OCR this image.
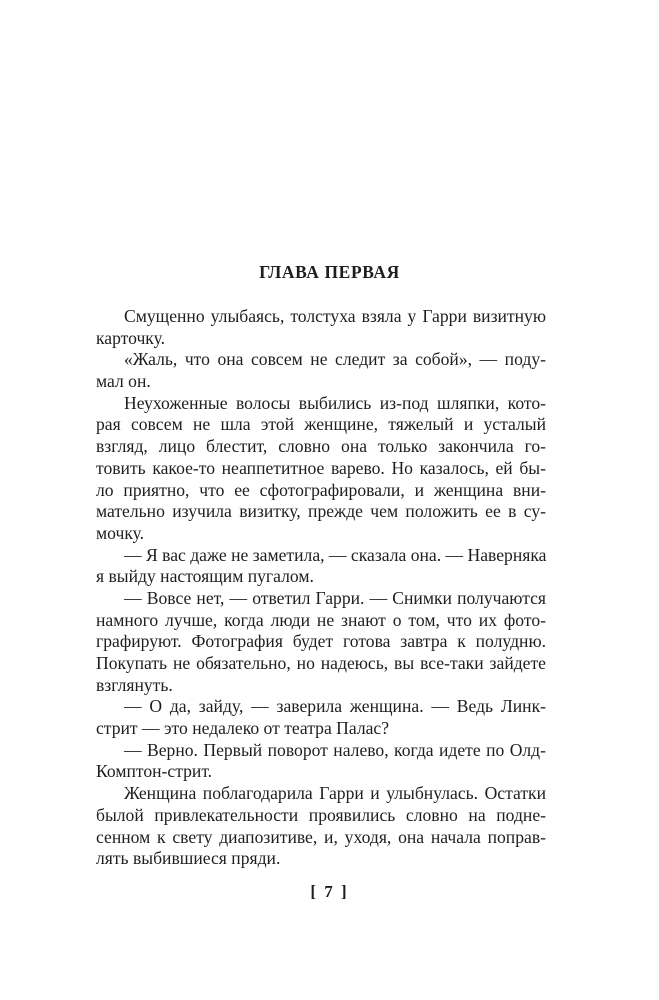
ГЛАВА ПЕРВАЯ
Смущенно улыбаясь, толстуха взяла у Гарри визитную
карточку.
«Жаль, что она совсем не следит за собой», — поду-
мал он.
Неухоженные волосы выбились из-под шляпки, кото-
рая совсем не шла этой женщине, тяжелый и усталый
взгляд, лицо блестит, словно она только закончила го-
товить какое-то неаппетитное варево. Но казалось, ей бы-
ло приятно, что ее сфотографировали, и женщина вни-
мательно изучила визитку, прежде чем положить ее в су-
мочку.
— Я вас даже не заметила, — сказала она. — Наверняка
я выйду настоящим пугалом.
— Вовсе нет, — ответил Гарри. — Снимки получаются
намного лучше, когда люди не знают о том, что их фото-
графируют. Фотография будет готова завтра к полудню.
Покупать не обязательно, но надеюсь, вы все-таки зайдете
взглянуть.
— О да, зайду, — заверила женщина. — Ведь Линк-
стрит — это недалеко от театра Палас?
— Верно. Первый поворот налево, когда идете по Олд-
Комптон-стрит.
Женщина поблагодарила Гарри и улыбнулась. Остатки
былой привлекательности проявились словно на подне-
сенном к свету диапозитиве, и, уходя, она начала поправ-
лять выбившиеся пряди.
[ 7 ]
